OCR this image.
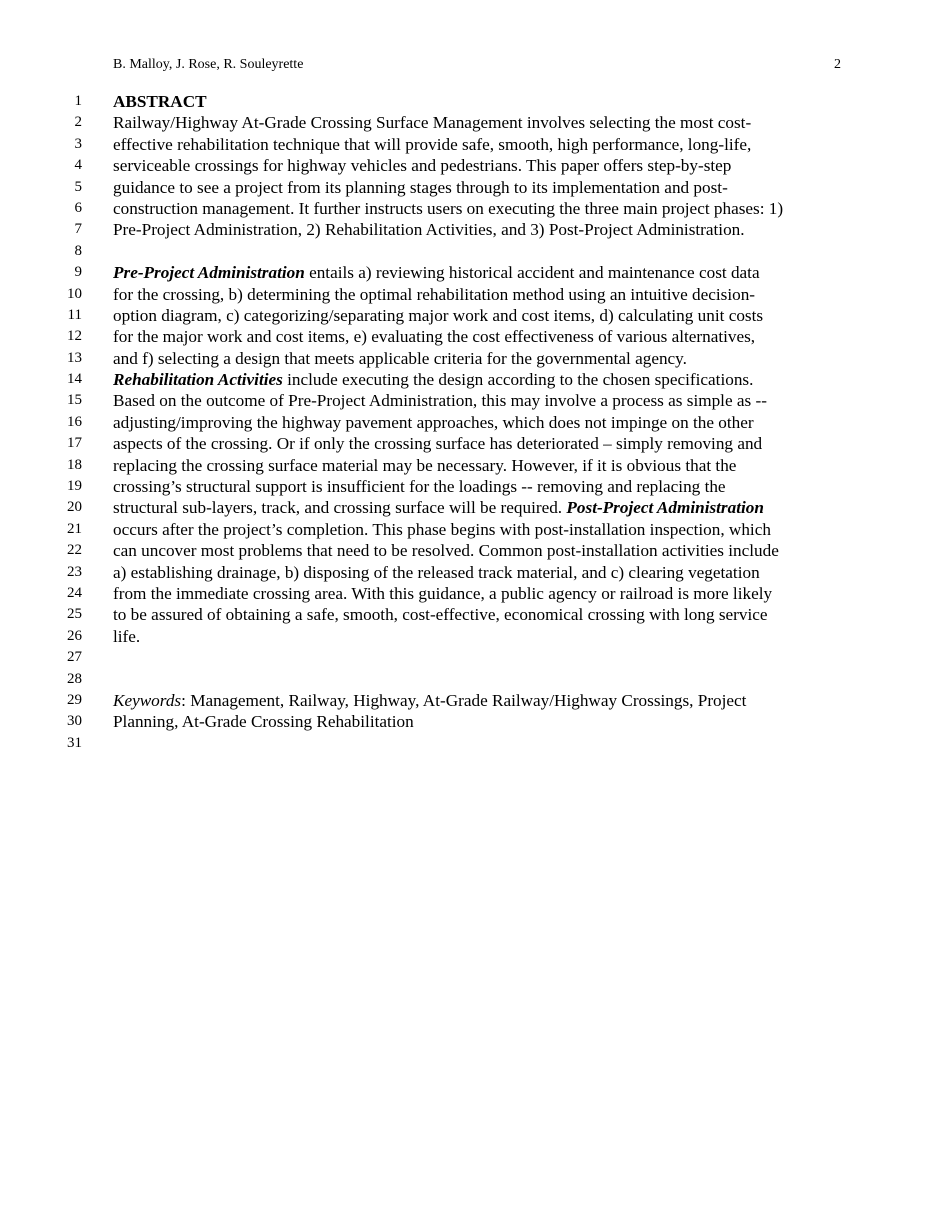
B. Malloy, J. Rose, R. Souleyrette	2
1 ABSTRACT
2 Railway/Highway At-Grade Crossing Surface Management involves selecting the most cost-
3 effective rehabilitation technique that will provide safe, smooth, high performance, long-life,
4 serviceable crossings for highway vehicles and pedestrians. This paper offers step-by-step
5 guidance to see a project from its planning stages through to its implementation and post-
6 construction management. It further instructs users on executing the three main project phases: 1)
7 Pre-Project Administration, 2) Rehabilitation Activities, and 3) Post-Project Administration.
8
9 Pre-Project Administration entails a) reviewing historical accident and maintenance cost data
10 for the crossing, b) determining the optimal rehabilitation method using an intuitive decision-
11 option diagram, c) categorizing/separating major work and cost items, d) calculating unit costs
12 for the major work and cost items, e) evaluating the cost effectiveness of various alternatives,
13 and f) selecting a design that meets applicable criteria for the governmental agency.
14 Rehabilitation Activities include executing the design according to the chosen specifications.
15 Based on the outcome of Pre-Project Administration, this may involve a process as simple as --
16 adjusting/improving the highway pavement approaches, which does not impinge on the other
17 aspects of the crossing. Or if only the crossing surface has deteriorated – simply removing and
18 replacing the crossing surface material may be necessary. However, if it is obvious that the
19 crossing’s structural support is insufficient for the loadings -- removing and replacing the
20 structural sub-layers, track, and crossing surface will be required. Post-Project Administration
21 occurs after the project’s completion. This phase begins with post-installation inspection, which
22 can uncover most problems that need to be resolved. Common post-installation activities include
23 a) establishing drainage, b) disposing of the released track material, and c) clearing vegetation
24 from the immediate crossing area. With this guidance, a public agency or railroad is more likely
25 to be assured of obtaining a safe, smooth, cost-effective, economical crossing with long service
26 life.
27
28
29 Keywords: Management, Railway, Highway, At-Grade Railway/Highway Crossings, Project
30 Planning, At-Grade Crossing Rehabilitation
31
